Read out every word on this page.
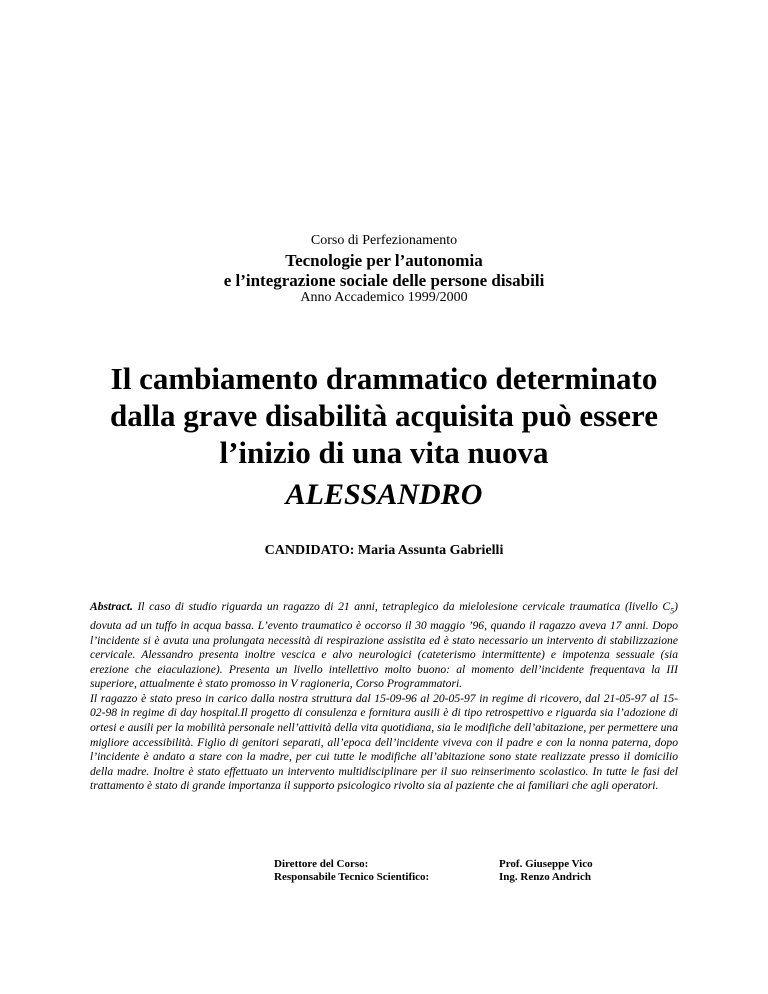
Corso di Perfezionamento
Tecnologie per l’autonomia
e l’integrazione sociale delle persone disabili
Anno Accademico 1999/2000
Il cambiamento drammatico determinato dalla grave disabilità acquisita può essere l’inizio di una vita nuova
ALESSANDRO
CANDIDATO: Maria Assunta Gabrielli

Abstract. Il caso di studio riguarda un ragazzo di 21 anni, tetraplegico da mielolesione cervicale traumatica (livello $C_5$) dovuta ad un tuffo in acqua bassa. L’evento traumatico è occorso il 30 maggio ’96, quando il ragazzo aveva 17 anni. Dopo l’incidente si è avuta una prolungata necessità di respirazione assistita ed è stato necessario un intervento di stabilizzazione cervicale. Alessandro presenta inoltre vescica e alvo neurologici (cateterismo intermittente) e impotenza sessuale (sia erezione che eiaculazione). Presenta un livello intellettivo molto buono: al momento dell’incidente frequentava la III superiore, attualmente è stato promosso in V ragioneria, Corso Programmatori.

Il ragazzo è stato preso in carico dalla nostra struttura dal 15-09-96 al 20-05-97 in regime di ricovero, dal 21-05-97 al 15-02-98 in regime di day hospital.Il progetto di consulenza e fornitura ausili è di tipo retrospettivo e riguarda sia l’adozione di ortesi e ausili per la mobilità personale nell’attività della vita quotidiana, sia le modifiche dell’abitazione, per permettere una migliore accessibilità. Figlio di genitori separati, all’epoca dell’incidente viveva con il padre e con la nonna paterna, dopo l’incidente è andato a stare con la madre, per cui tutte le modifiche all’abitazione sono state realizzate presso il domicilio della madre. Inoltre è stato effettuato un intervento multidisciplinare per il suo reinserimento scolastico. In tutte le fasi del trattamento è stato di grande importanza il supporto psicologico rivolto sia al paziente che ai familiari che agli operatori.

Direttore del Corso:	Prof. Giuseppe Vico
Responsabile Tecnico Scientifico:	Ing. Renzo Andrich
